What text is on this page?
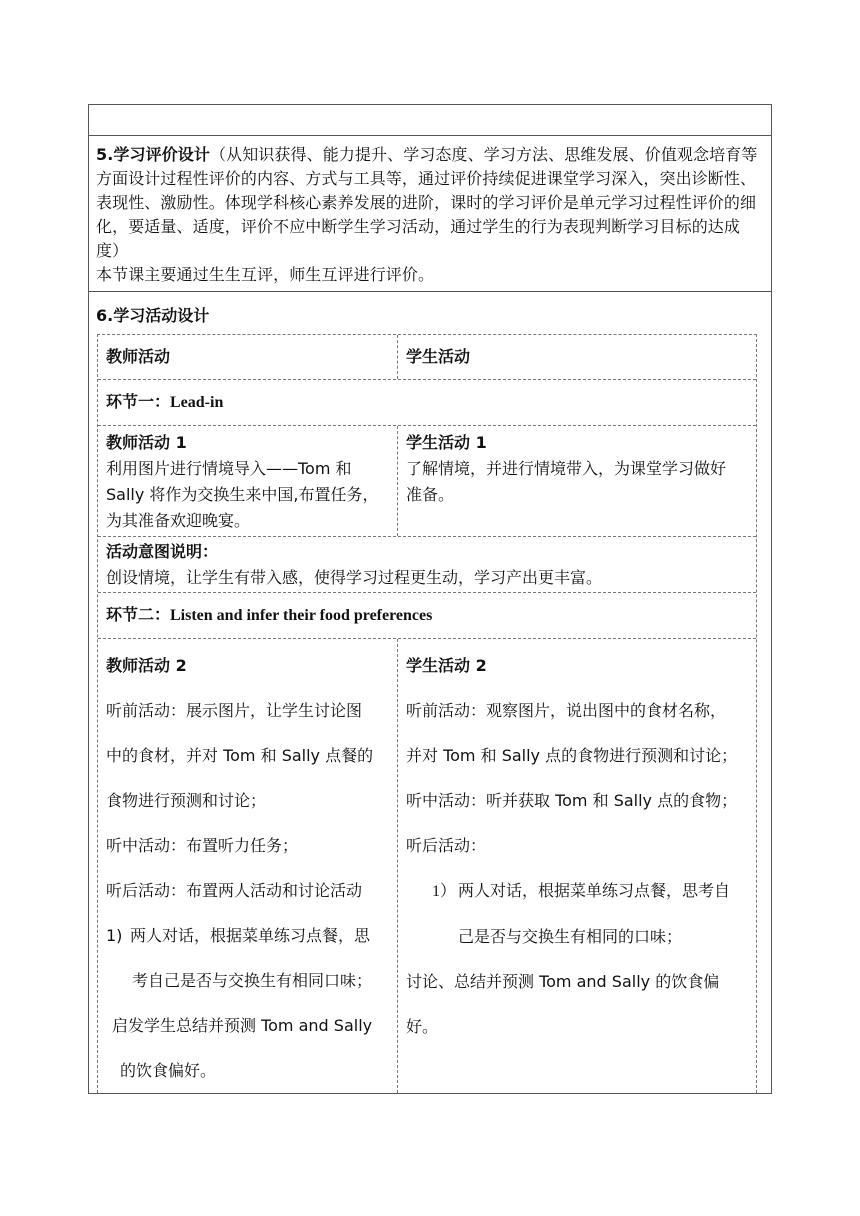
5.学习评价设计（从知识获得、能力提升、学习态度、学习方法、思维发展、价值观念培育等方面设计过程性评价的内容、方式与工具等，通过评价持续促进课堂学习深入，突出诊断性、表现性、激励性。体现学科核心素养发展的进阶，课时的学习评价是单元学习过程性评价的细化，要适量、适度，评价不应中断学生学习活动，通过学生的行为表现判断学习目标的达成度）
本节课主要通过生生互评，师生互评进行评价。
6.学习活动设计
教师活动	学生活动
环节一：Lead-in
教师活动 1
利用图片进行情境导入——Tom 和
Sally 将作为交换生来中国,布置任务，
为其准备欢迎晚宴。
学生活动 1
了解情境，并进行情境带入，为课堂学习做好
准备。
活动意图说明：
创设情境，让学生有带入感，使得学习过程更生动，学习产出更丰富。
环节二：Listen and infer their food preferences
教师活动 2
听前活动：展示图片，让学生讨论图
中的食材，并对 Tom 和 Sally 点餐的
食物进行预测和讨论；
听中活动：布置听力任务；
听后活动：布置两人活动和讨论活动
1) 两人对话，根据菜单练习点餐，思
考自己是否与交换生有相同口味；
启发学生总结并预测 Tom and Sally
的饮食偏好。
学生活动 2
听前活动：观察图片，说出图中的食材名称，
并对 Tom 和 Sally 点的食物进行预测和讨论；
听中活动：听并获取 Tom 和 Sally 点的食物；
听后活动：
1） 两人对话，根据菜单练习点餐，思考自
己是否与交换生有相同的口味；
讨论、总结并预测 Tom and Sally 的饮食偏好。
